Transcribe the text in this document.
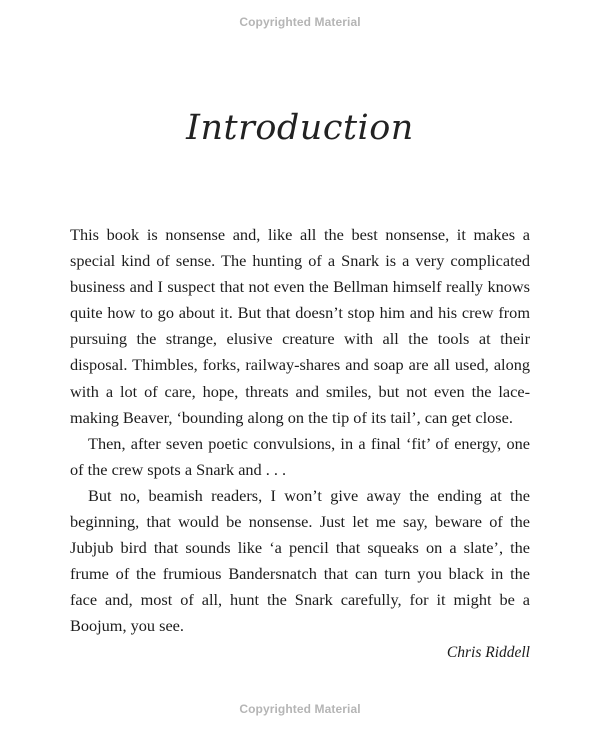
Copyrighted Material
Introduction

This book is nonsense and, like all the best nonsense, it makes a special kind of sense. The hunting of a Snark is a very complicated business and I suspect that not even the Bellman himself really knows quite how to go about it. But that doesn’t stop him and his crew from pursuing the strange, elusive creature with all the tools at their disposal. Thimbles, forks, railway-shares and soap are all used, along with a lot of care, hope, threats and smiles, but not even the lace-making Beaver, ‘bounding along on the tip of its tail’, can get close.

Then, after seven poetic convulsions, in a final ‘fit’ of energy, one of the crew spots a Snark and . . .

But no, beamish readers, I won’t give away the ending at the beginning, that would be nonsense. Just let me say, beware of the Jubjub bird that sounds like ‘a pencil that squeaks on a slate’, the frume of the frumious Bandersnatch that can turn you black in the face and, most of all, hunt the Snark carefully, for it might be a Boojum, you see.

Chris Riddell

Copyrighted Material
